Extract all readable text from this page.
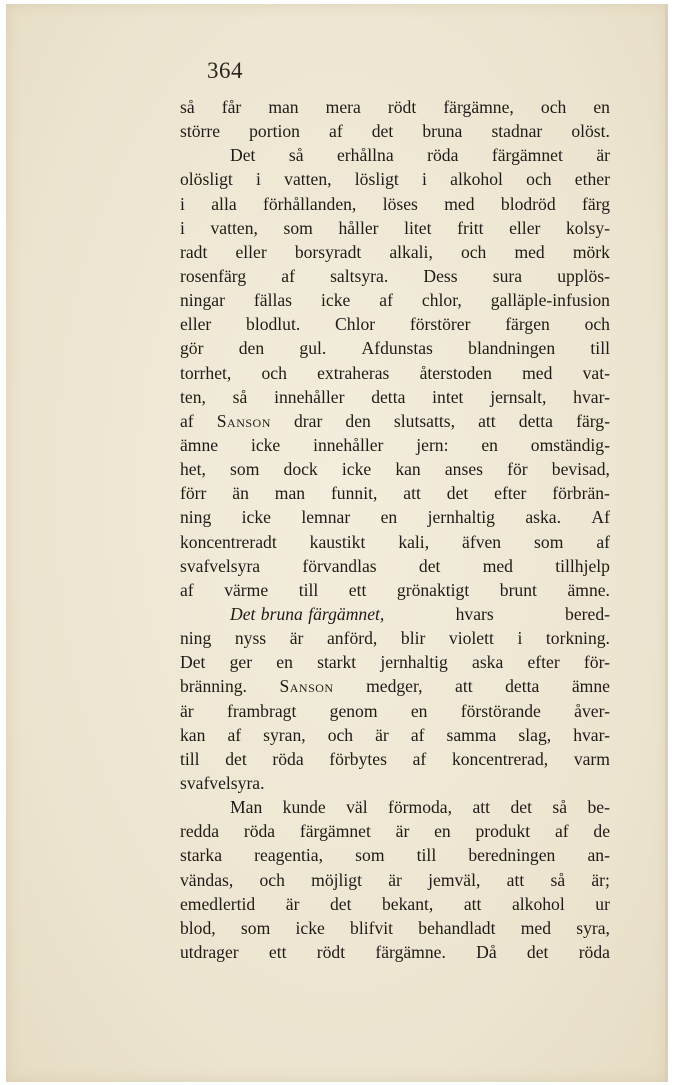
364
så får man mera rödt färgämne, och en
större portion af det bruna stadnar olöst.
Det så erhållna röda färgämnet är
olösligt i vatten, lösligt i alkohol och ether
i alla förhållanden, löses med blodröd färg
i vatten, som håller litet fritt eller kolsy-
radt eller borsyradt alkali, och med mörk
rosenfärg af saltsyra. Dess sura upplös-
ningar fällas icke af chlor, galläple-infusion
eller blodlut. Chlor förstörer färgen och
gör den gul. Afdunstas blandningen till
torrhet, och extraheras återstoden med vat-
ten, så innehåller detta intet jernsalt, hvar-
af Sanson drar den slutsatts, att detta färg-
ämne icke innehåller jern: en omständig-
het, som dock icke kan anses för bevisad,
förr än man funnit, att det efter förbrän-
ning icke lemnar en jernhaltig aska. Af
koncentreradt kaustikt kali, äfven som af
svafvelsyra förvandlas det med tillhjelp
af värme till ett grönaktigt brunt ämne.
Det bruna färgämnet,	hvars	bered-
ning nyss är anförd, blir violett i torkning.
Det ger en starkt jernhaltig aska efter för-
bränning. Sanson medger, att detta ämne
är frambragt genom en förstörande åver-
kan af syran, och är af samma slag, hvar-
till det röda förbytes af koncentrerad, varm
svafvelsyra.
Man kunde väl förmoda, att det så be-
redda röda färgämnet är en produkt af de
starka reagentia, som till beredningen an-
vändas, och möjligt är jemväl, att så är;
emedlertid är det bekant, att alkohol ur
blod, som icke blifvit behandladt med syra,
utdrager ett rödt färgämne. Då det röda
